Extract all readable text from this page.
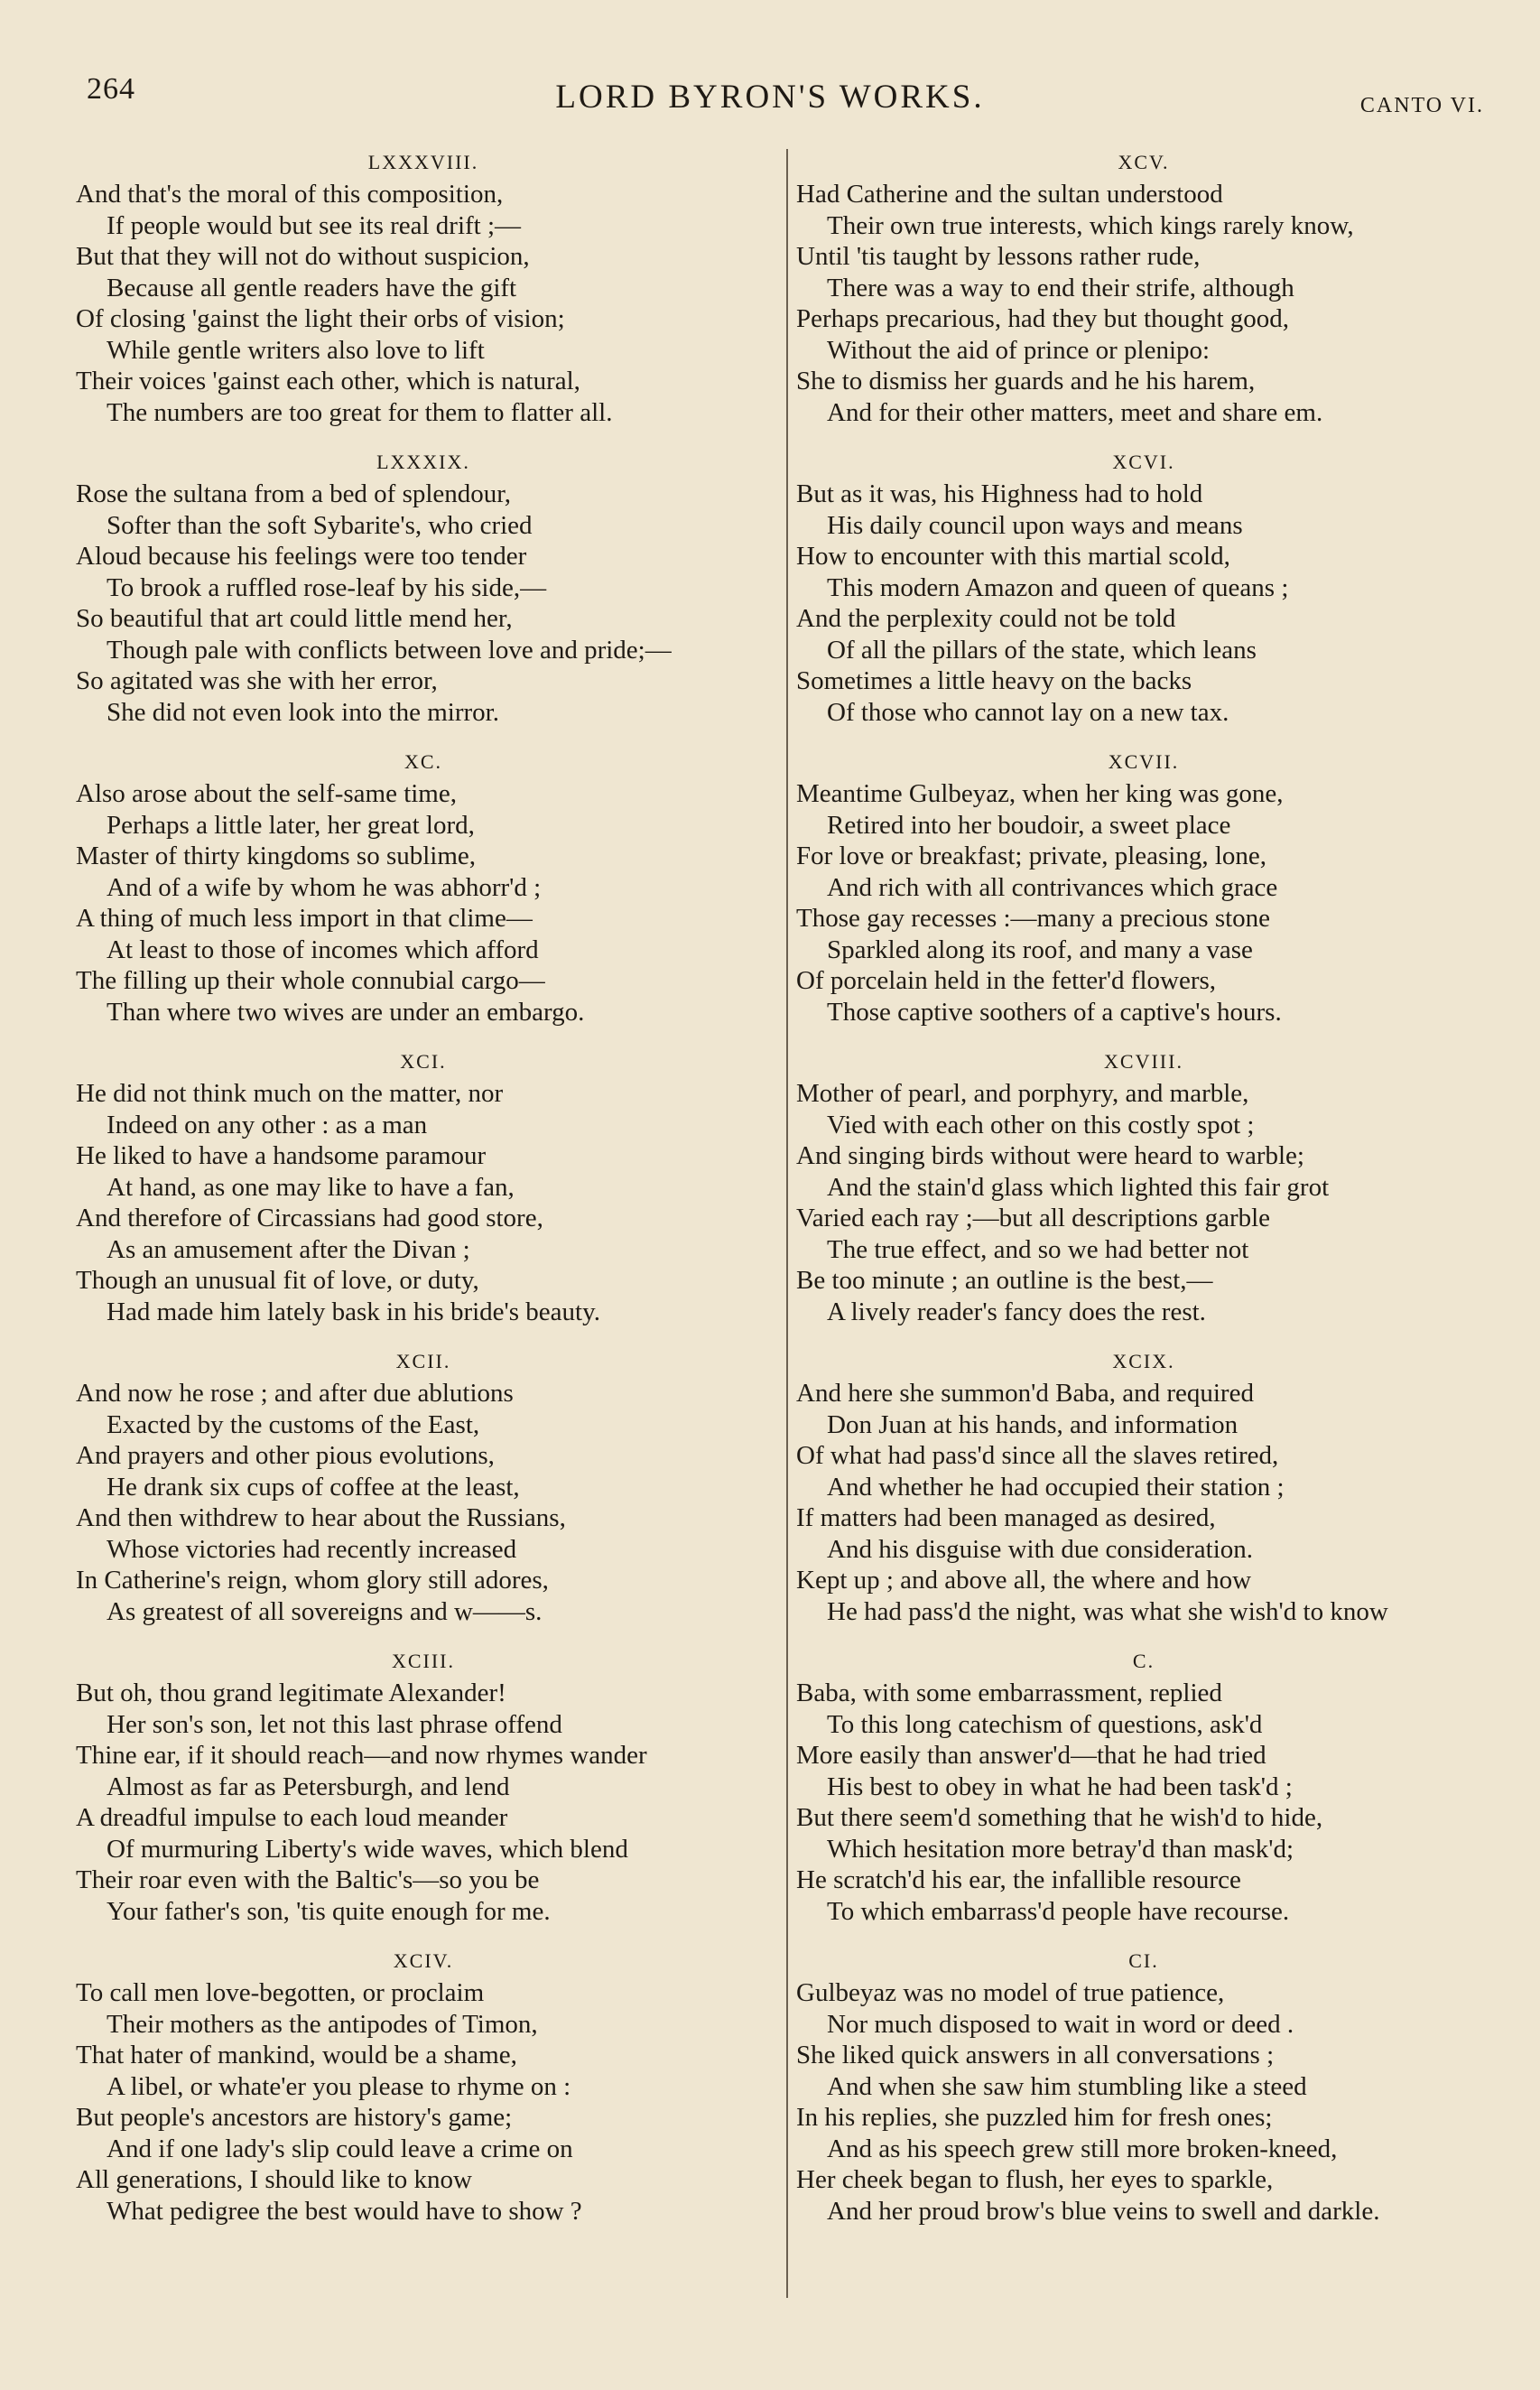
264	LORD BYRON'S WORKS.	CANTO VI.
LXXXVIII.
And that's the moral of this composition,
If people would but see its real drift ;—
But that they will not do without suspicion,
Because all gentle readers have the gift
Of closing 'gainst the light their orbs of vision;
While gentle writers also love to lift
Their voices 'gainst each other, which is natural,
The numbers are too great for them to flatter all.
LXXXIX.
Rose the sultana from a bed of splendour,
Softer than the soft Sybarite's, who cried
Aloud because his feelings were too tender
To brook a ruffled rose-leaf by his side,—
So beautiful that art could little mend her,
Though pale with conflicts between love and pride;—
So agitated was she with her error,
She did not even look into the mirror.
XC.
Also arose about the self-same time,
Perhaps a little later, her great lord,
Master of thirty kingdoms so sublime,
And of a wife by whom he was abhorr'd ;
A thing of much less import in that clime—
At least to those of incomes which afford
The filling up their whole connubial cargo—
Than where two wives are under an embargo.
XCI.
He did not think much on the matter, nor
Indeed on any other : as a man
He liked to have a handsome paramour
At hand, as one may like to have a fan,
And therefore of Circassians had good store,
As an amusement after the Divan ;
Though an unusual fit of love, or duty,
Had made him lately bask in his bride's beauty.
XCII.
And now he rose ; and after due ablutions
Exacted by the customs of the East,
And prayers and other pious evolutions,
He drank six cups of coffee at the least,
And then withdrew to hear about the Russians,
Whose victories had recently increased
In Catherine's reign, whom glory still adores,
As greatest of all sovereigns and w——s.
XCIII.
But oh, thou grand legitimate Alexander!
Her son's son, let not this last phrase offend
Thine ear, if it should reach—and now rhymes wander
Almost as far as Petersburgh, and lend
A dreadful impulse to each loud meander
Of murmuring Liberty's wide waves, which blend
Their roar even with the Baltic's—so you be
Your father's son, 'tis quite enough for me.
XCIV.
To call men love-begotten, or proclaim
Their mothers as the antipodes of Timon,
That hater of mankind, would be a shame,
A libel, or whate'er you please to rhyme on :
But people's ancestors are history's game;
And if one lady's slip could leave a crime on
All generations, I should like to know
What pedigree the best would have to show ?
XCV.
Had Catherine and the sultan understood
Their own true interests, which kings rarely know,
Until 'tis taught by lessons rather rude,
There was a way to end their strife, although
Perhaps precarious, had they but thought good,
Without the aid of prince or plenipo:
She to dismiss her guards and he his harem,
And for their other matters, meet and share em.
XCVI.
But as it was, his Highness had to hold
His daily council upon ways and means
How to encounter with this martial scold,
This modern Amazon and queen of queans ;
And the perplexity could not be told
Of all the pillars of the state, which leans
Sometimes a little heavy on the backs
Of those who cannot lay on a new tax.
XCVII.
Meantime Gulbeyaz, when her king was gone,
Retired into her boudoir, a sweet place
For love or breakfast; private, pleasing, lone,
And rich with all contrivances which grace
Those gay recesses :—many a precious stone
Sparkled along its roof, and many a vase
Of porcelain held in the fetter'd flowers,
Those captive soothers of a captive's hours.
XCVIII.
Mother of pearl, and porphyry, and marble,
Vied with each other on this costly spot ;
And singing birds without were heard to warble;
And the stain'd glass which lighted this fair grot
Varied each ray ;—but all descriptions garble
The true effect, and so we had better not
Be too minute ; an outline is the best,—
A lively reader's fancy does the rest.
XCIX.
And here she summon'd Baba, and required
Don Juan at his hands, and information
Of what had pass'd since all the slaves retired,
And whether he had occupied their station ;
If matters had been managed as desired,
And his disguise with due consideration.
Kept up ; and above all, the where and how
He had pass'd the night, was what she wish'd to know
C.
Baba, with some embarrassment, replied
To this long catechism of questions, ask'd
More easily than answer'd—that he had tried
His best to obey in what he had been task'd ;
But there seem'd something that he wish'd to hide,
Which hesitation more betray'd than mask'd;
He scratch'd his ear, the infallible resource
To which embarrass'd people have recourse.
CI.
Gulbeyaz was no model of true patience,
Nor much disposed to wait in word or deed .
She liked quick answers in all conversations ;
And when she saw him stumbling like a steed
In his replies, she puzzled him for fresh ones;
And as his speech grew still more broken-kneed,
Her cheek began to flush, her eyes to sparkle,
And her proud brow's blue veins to swell and darkle.
